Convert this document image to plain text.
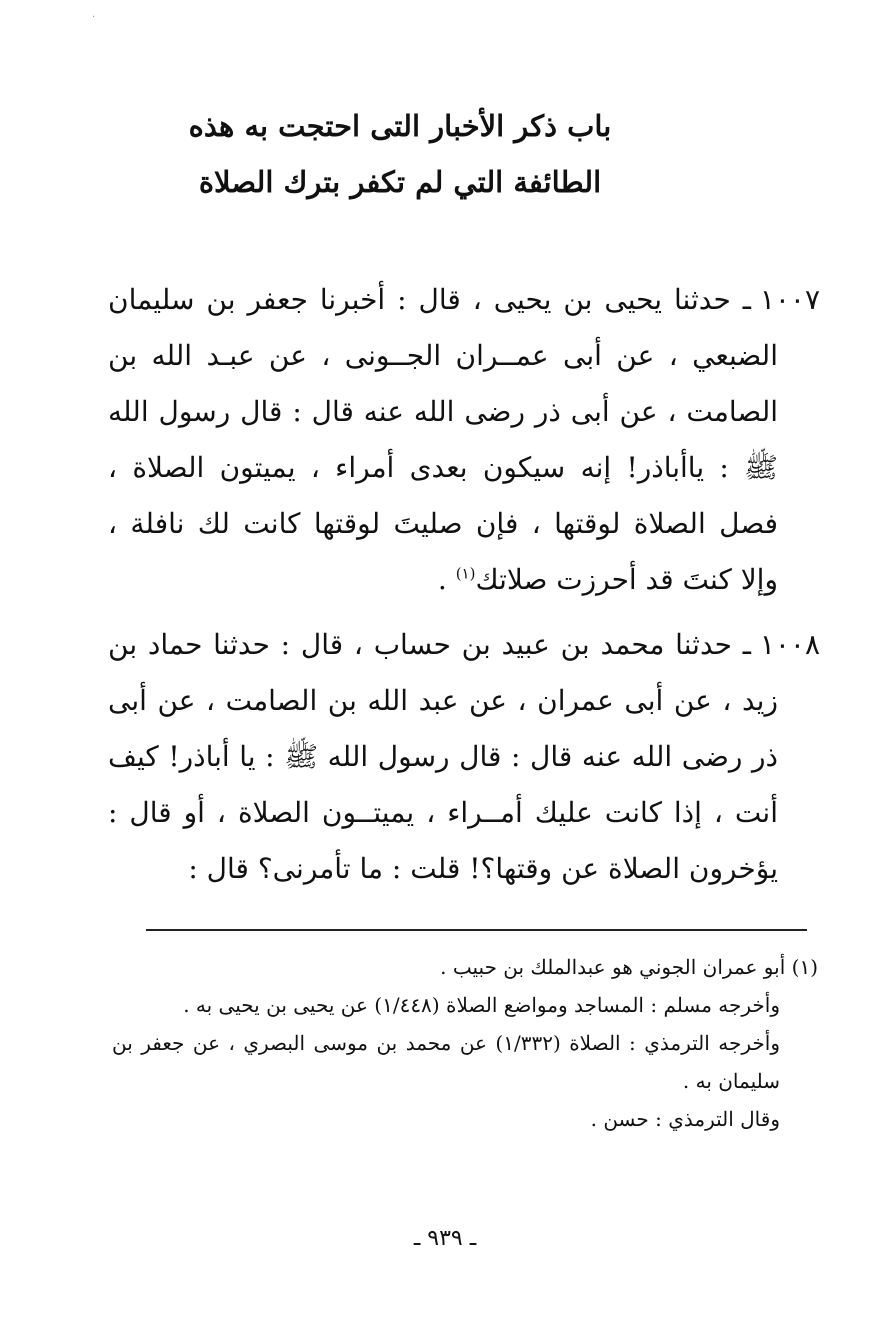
·
باب ذكر الأخبار التى احتجت به هذه
الطائفة التي لم تكفر بترك الصلاة

١٠٠٧ ـ حدثنا يحيى بن يحيى ، قال : أخبرنا جعفر بن سليمان الضبعي ، عن أبى عمــران الجــونى ، عن عبـد الله بن الصامت ، عن أبى ذر رضى الله عنه قال : قال رسول الله ﷺ : ياأباذر! إنه سيكون بعدى أمراء ، يميتون الصلاة ، فصل الصلاة لوقتها ، فإن صليتَ لوقتها كانت لك نافلة ، وإلا كنتَ قد أحرزت صلاتك$^{(١)}$ .

١٠٠٨ ـ حدثنا محمد بن عبيد بن حساب ، قال : حدثنا حماد بن زيد ، عن أبى عمران ، عن عبد الله بن الصامت ، عن أبى ذر رضى الله عنه قال : قال رسول الله ﷺ : يا أباذر! كيف أنت ، إذا كانت عليك أمــراء ، يميتــون الصلاة ، أو قال : يؤخرون الصلاة عن وقتها؟! قلت : ما تأمرنى؟ قال :

(١) أبو عمران الجوني هو عبدالملك بن حبيب .

وأخرجه مسلم : المساجد ومواضع الصلاة (١/٤٤٨) عن يحيى بن يحيى به .

وأخرجه الترمذي : الصلاة (١/٣٣٢) عن محمد بن موسى البصري ، عن جعفر بن سليمان به .

وقال الترمذي : حسن .

ـ ٩٣٩ ـ
